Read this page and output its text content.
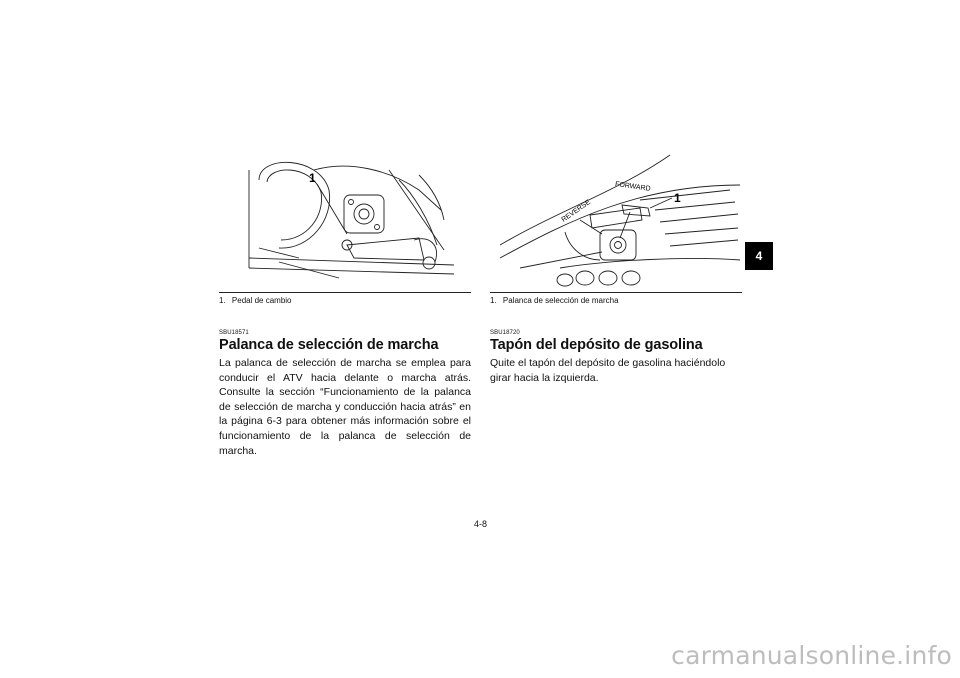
1
1. Pedal de cambio
SBU18571
Palanca de selección de marcha
La palanca de selección de marcha se emplea para conducir el ATV hacia delante o marcha atrás. Consulte la sección “Funcionamiento de la palanca de selección de marcha y conducción hacia atrás” en la página 6-3 para obtener más información sobre el funcionamiento de la palanca de selección de marcha.
FORWARD
REVERSE
1
1. Palanca de selección de marcha
SBU18720
Tapón del depósito de gasolina
Quite el tapón del depósito de gasolina haciéndolo girar hacia la izquierda.
4-8
4
carmanualsonline.info
